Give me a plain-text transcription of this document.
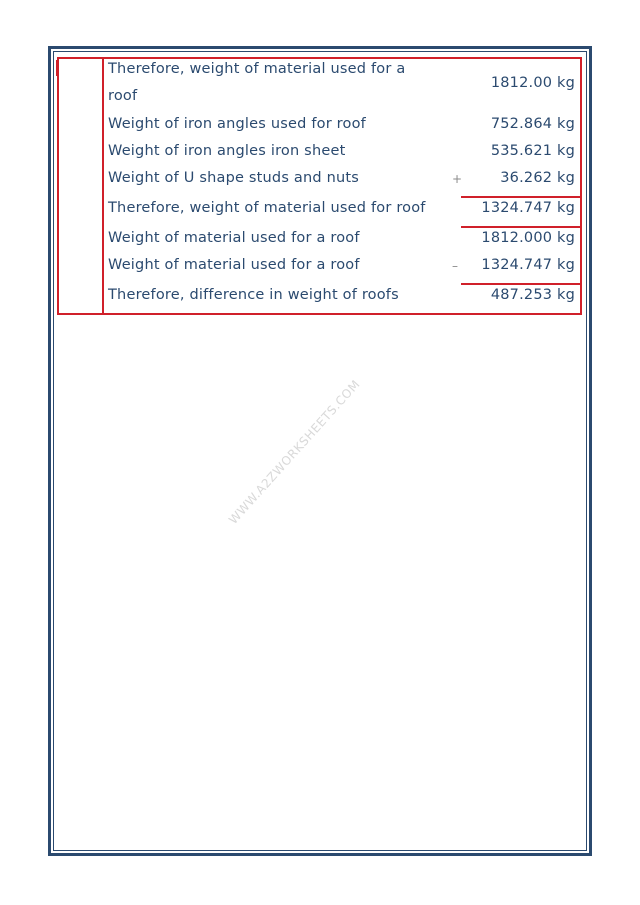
WWW.A2ZWORKSHEETS.COM
Therefore, weight of material used for a
roof
1812.00 kg
Weight of iron angles used for roof	752.864 kg
Weight of iron angles iron sheet	535.621 kg
Weight of U shape studs and nuts	+	36.262 kg
Therefore, weight of material used for roof	1324.747 kg
Weight of material used for a roof	1812.000 kg
Weight of material used for a roof	– 1324.747 kg
Therefore, difference in weight of roofs	487.253 kg
